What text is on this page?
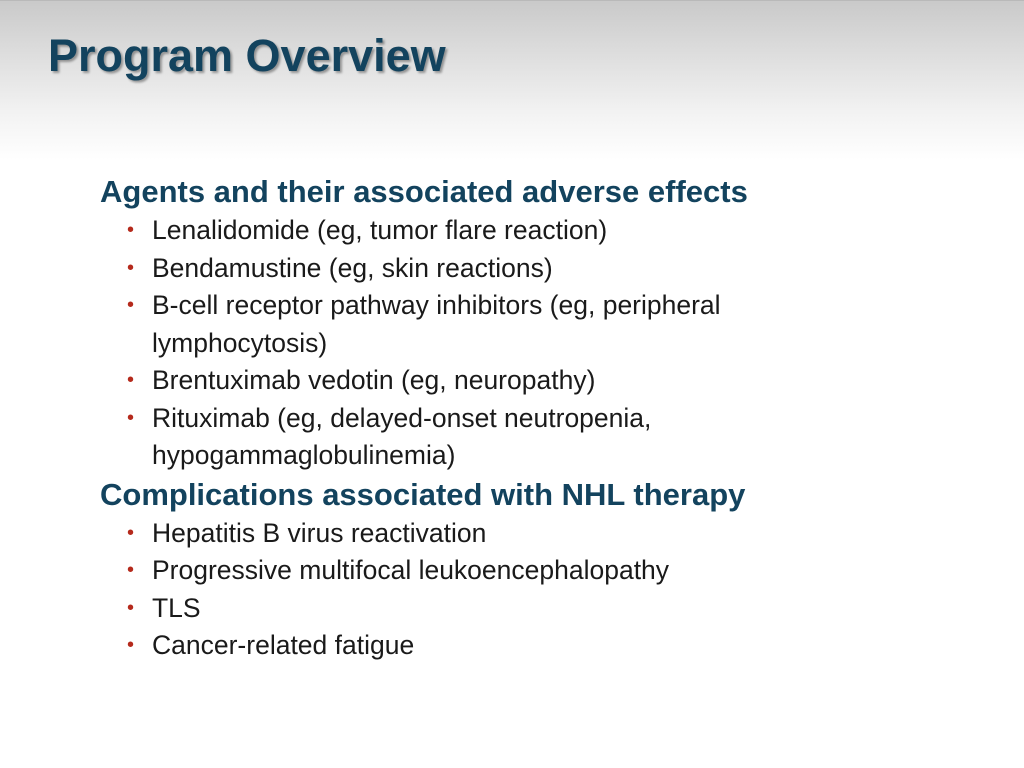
Program Overview
Agents and their associated adverse effects
• Lenalidomide (eg, tumor flare reaction)
• Bendamustine (eg, skin reactions)
• B-cell receptor pathway inhibitors (eg, peripheral lymphocytosis)
• Brentuximab vedotin (eg, neuropathy)
• Rituximab (eg, delayed-onset neutropenia, hypogammaglobulinemia)
Complications associated with NHL therapy
• Hepatitis B virus reactivation
• Progressive multifocal leukoencephalopathy
• TLS
• Cancer-related fatigue
